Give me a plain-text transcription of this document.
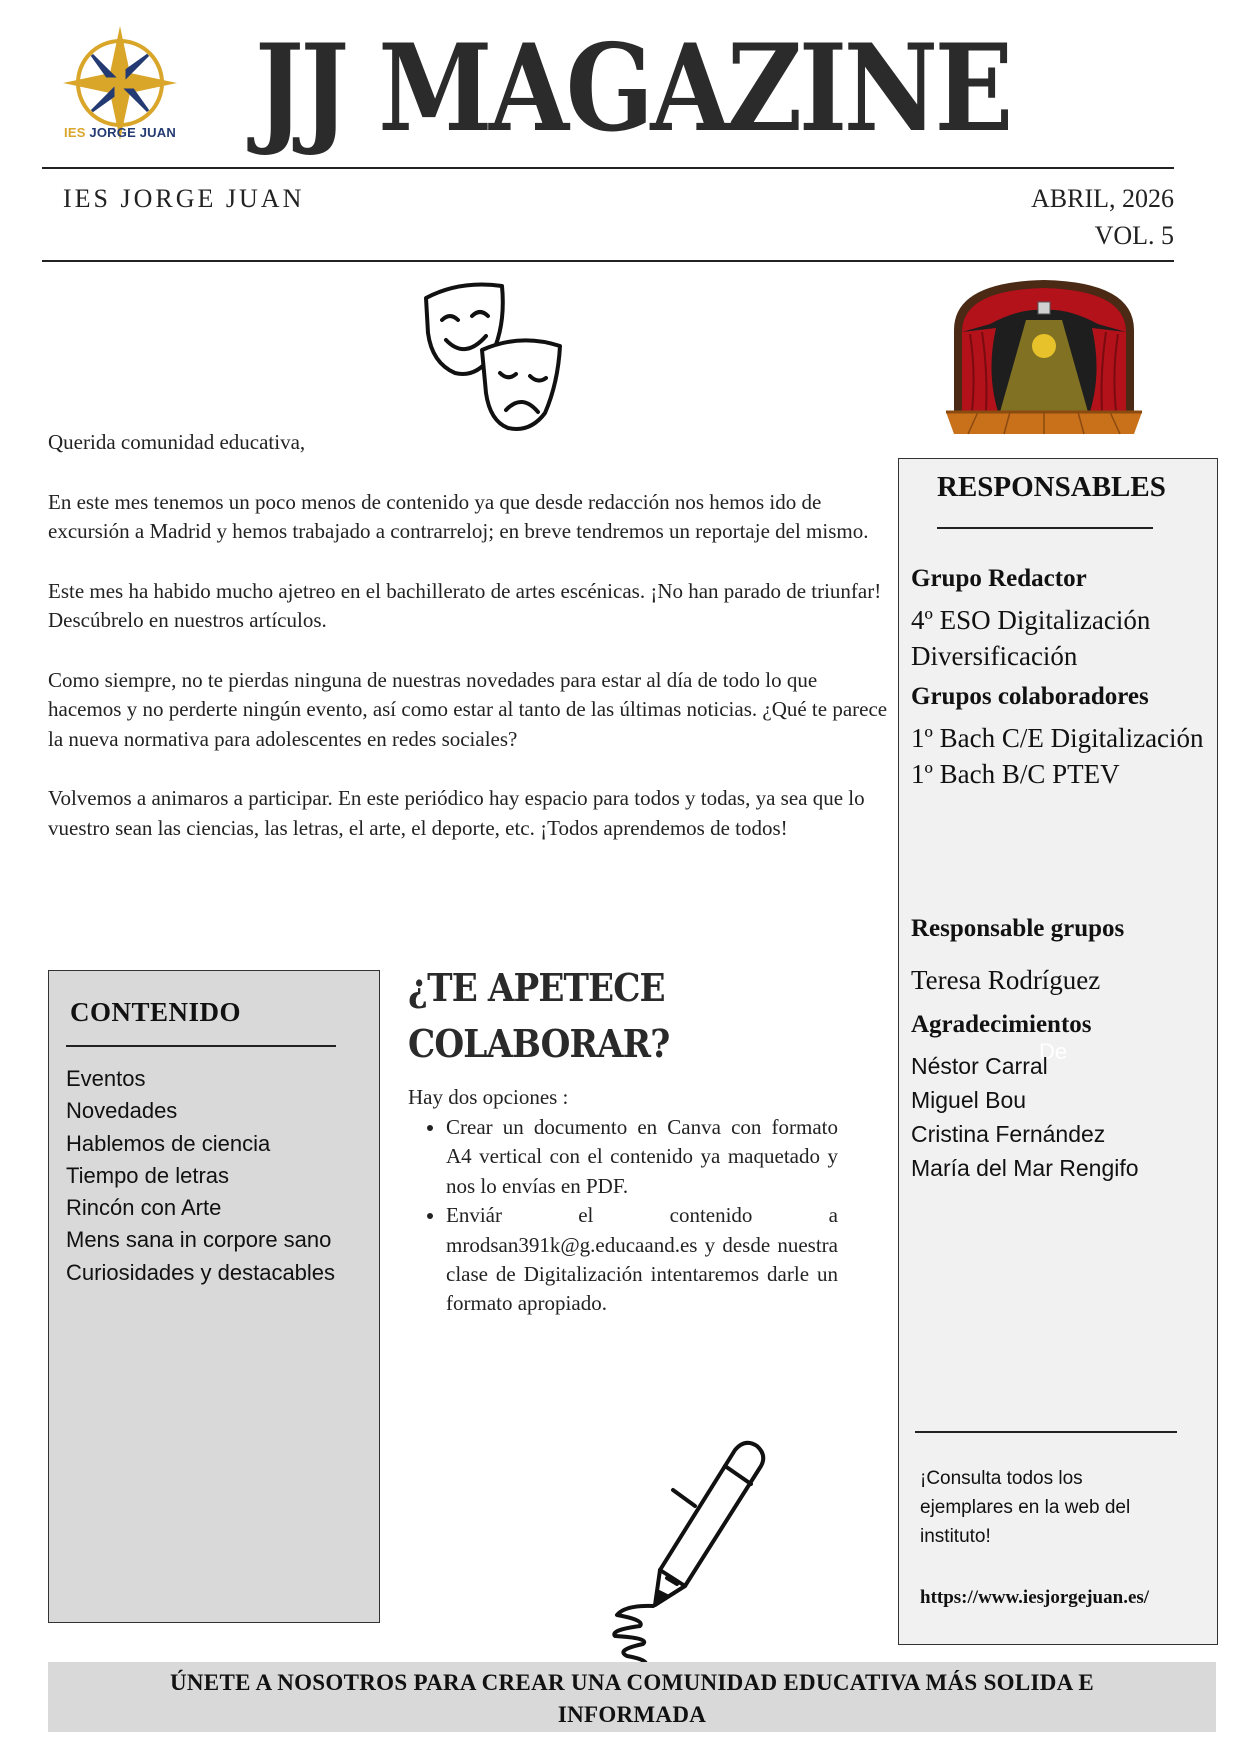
IES JORGE JUAN JJ MAGAZINE
IES JORGE JUAN	ABRIL, 2026
VOL. 5

Querida comunidad educativa,

En este mes tenemos un poco menos de contenido ya que desde redacción nos hemos ido de excursión a Madrid y hemos trabajado a contrarreloj; en breve tendremos un reportaje del mismo.

Este mes ha habido mucho ajetreo en el bachillerato de artes escénicas. ¡No han parado de triunfar! Descúbrelo en nuestros artículos.

Como siempre, no te pierdas ninguna de nuestras novedades para estar al día de todo lo que hacemos y no perderte ningún evento, así como estar al tanto de las últimas noticias. ¿Qué te parece la nueva normativa para adolescentes en redes sociales?

Volvemos a animaros a participar. En este periódico hay espacio para todos y todas, ya sea que lo vuestro sean las ciencias, las letras, el arte, el deporte, etc. ¡Todos aprendemos de todos!

CONTENIDO
Eventos
Novedades
Hablemos de ciencia
Tiempo de letras
Rincón con Arte
Mens sana in corpore sano
Curiosidades y destacables
¿TE APETECE
COLABORAR?
Hay dos opciones :
• Crear un documento en Canva con formato A4 vertical con el contenido ya maquetado y nos lo envías en PDF.
• Enviár el contenido a mrodsan391k@g.educaand.es y desde nuestra clase de Digitalización intentaremos darle un formato apropiado.
RESPONSABLES
Grupo Redactor
4º ESO Digitalización
Diversificación
Grupos colaboradores
1º Bach C/E Digitalización
1º Bach B/C PTEV
Responsable grupos
Teresa Rodríguez
Agradecimientos
De
Néstor Carral
Miguel Bou
Cristina Fernández
María del Mar Rengifo
¡Consulta todos los ejemplares en la web del instituto!
https://www.iesjorgejuan.es/
ÚNETE A NOSOTROS PARA CREAR UNA COMUNIDAD EDUCATIVA MÁS SOLIDA E
INFORMADA
